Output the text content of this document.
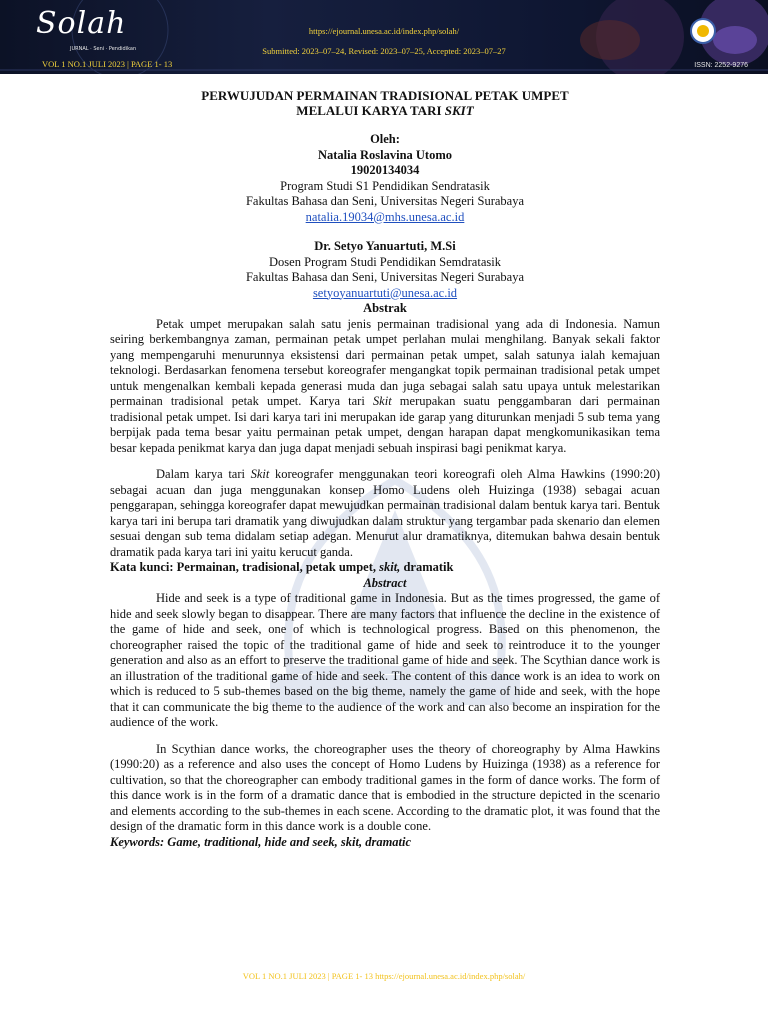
Solah
JURNAL · Seni · Pendidikan
VOL 1 NO.1 JULI 2023 | PAGE 1- 13
https://ejournal.unesa.ac.id/index.php/solah/
Submitted: 2023–07–24, Revised: 2023–07–25, Accepted: 2023–07–27
ISSN: 2252-9276
PERWUJUDAN PERMAINAN TRADISIONAL PETAK UMPET
MELALUI KARYA TARI SKIT
Oleh:
Natalia Roslavina Utomo
19020134034
Program Studi S1 Pendidikan Sendratasik
Fakultas Bahasa dan Seni, Universitas Negeri Surabaya
natalia.19034@mhs.unesa.ac.id
Dr. Setyo Yanuartuti, M.Si
Dosen Program Studi Pendidikan Semdratasik
Fakultas Bahasa dan Seni, Universitas Negeri Surabaya
setyoyanuartuti@unesa.ac.id
Abstrak

Petak umpet merupakan salah satu jenis permainan tradisional yang ada di Indonesia. Namun seiring berkembangnya zaman, permainan petak umpet perlahan mulai menghilang. Banyak sekali faktor yang mempengaruhi menurunnya eksistensi dari permainan petak umpet, salah satunya ialah kemajuan teknologi. Berdasarkan fenomena tersebut koreografer mengangkat topik permainan tradisional petak umpet untuk mengenalkan kembali kepada generasi muda dan juga sebagai salah satu upaya untuk melestarikan permainan tradisional petak umpet. Karya tari Skit merupakan suatu penggambaran dari permainan tradisional petak umpet. Isi dari karya tari ini merupakan ide garap yang diturunkan menjadi 5 sub tema yang berpijak pada tema besar yaitu permainan petak umpet, dengan harapan dapat mengkomunikasikan tema besar kepada penikmat karya dan juga dapat menjadi sebuah inspirasi bagi penikmat karya.

Dalam karya tari Skit koreografer menggunakan teori koreografi oleh Alma Hawkins (1990:20) sebagai acuan dan juga menggunakan konsep Homo Ludens oleh Huizinga (1938) sebagai acuan penggarapan, sehingga koreografer dapat mewujudkan permainan tradisional dalam bentuk karya tari. Bentuk karya tari ini berupa tari dramatik yang diwujudkan dalam struktur yang tergambar pada skenario dan elemen sesuai dengan sub tema didalam setiap adegan. Menurut alur dramatiknya, ditemukan bahwa desain bentuk dramatik pada karya tari ini yaitu kerucut ganda.

Kata kunci: Permainan, tradisional, petak umpet, skit, dramatik
Abstract

Hide and seek is a type of traditional game in Indonesia. But as the times progressed, the game of hide and seek slowly began to disappear. There are many factors that influence the decline in the existence of the game of hide and seek, one of which is technological progress. Based on this phenomenon, the choreographer raised the topic of the traditional game of hide and seek to reintroduce it to the younger generation and also as an effort to preserve the traditional game of hide and seek. The Scythian dance work is an illustration of the traditional game of hide and seek. The content of this dance work is an idea to work on which is reduced to 5 sub-themes based on the big theme, namely the game of hide and seek, with the hope that it can communicate the big theme to the audience of the work and can also become an inspiration for the audience of the work.

In Scythian dance works, the choreographer uses the theory of choreography by Alma Hawkins (1990:20) as a reference and also uses the concept of Homo Ludens by Huizinga (1938) as a reference for cultivation, so that the choreographer can embody traditional games in the form of dance works. The form of this dance work is in the form of a dramatic dance that is embodied in the structure depicted in the scenario and elements according to the sub-themes in each scene. According to the dramatic plot, it was found that the design of the dramatic form in this dance work is a double cone.

Keywords: Game, traditional, hide and seek, skit, dramatic
VOL 1 NO.1 JULI 2023 | PAGE 1- 13 https://ejournal.unesa.ac.id/index.php/solah/
